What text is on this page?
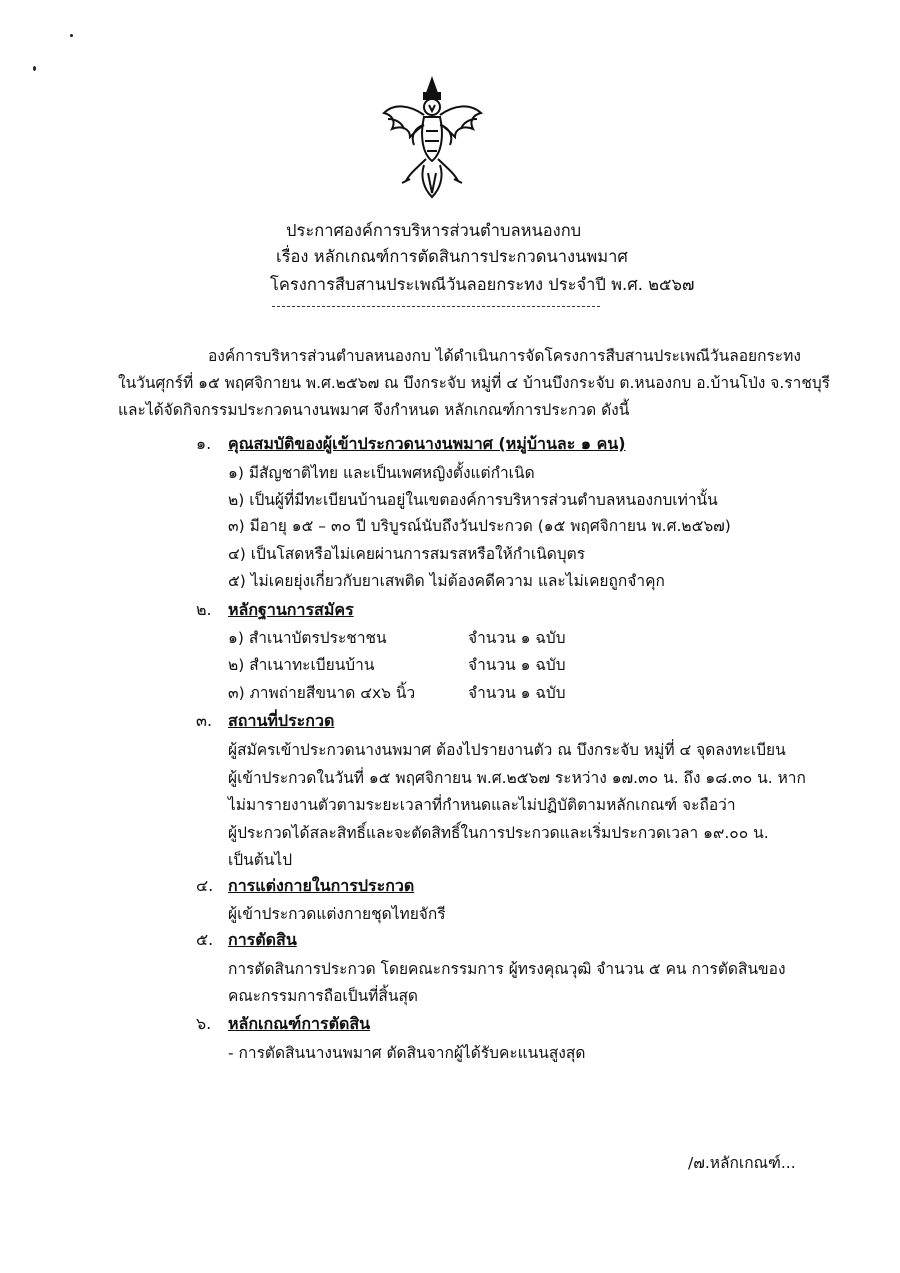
ประกาศองค์การบริหารส่วนตำบลหนองกบ
เรื่อง หลักเกณฑ์การตัดสินการประกวดนางนพมาศ
โครงการสืบสานประเพณีวันลอยกระทง ประจำปี พ.ศ. ๒๕๖๗
องค์การบริหารส่วนตำบลหนองกบ ได้ดำเนินการจัดโครงการสืบสานประเพณีวันลอยกระทง
ในวันศุกร์ที่ ๑๕ พฤศจิกายน พ.ศ.๒๕๖๗ ณ บึงกระจับ หมู่ที่ ๔ บ้านบึงกระจับ ต.หนองกบ อ.บ้านโป่ง จ.ราชบุรี
และได้จัดกิจกรรมประกวดนางนพมาศ จึงกำหนด หลักเกณฑ์การประกวด ดังนี้
๑. คุณสมบัติของผู้เข้าประกวดนางนพมาศ (หมู่บ้านละ ๑ คน)
๑) มีสัญชาติไทย และเป็นเพศหญิงตั้งแต่กำเนิด
๒) เป็นผู้ที่มีทะเบียนบ้านอยู่ในเขตองค์การบริหารส่วนตำบลหนองกบเท่านั้น
๓) มีอายุ ๑๕ – ๓๐ ปี บริบูรณ์นับถึงวันประกวด (๑๕ พฤศจิกายน พ.ศ.๒๕๖๗)
๔) เป็นโสดหรือไม่เคยผ่านการสมรสหรือให้กำเนิดบุตร
๕) ไม่เคยยุ่งเกี่ยวกับยาเสพติด ไม่ต้องคดีความ และไม่เคยถูกจำคุก
๒. หลักฐานการสมัคร
๑) สำเนาบัตรประชาชน	จำนวน ๑ ฉบับ
๒) สำเนาทะเบียนบ้าน	จำนวน ๑ ฉบับ
๓) ภาพถ่ายสีขนาด ๔x๖ นิ้ว	จำนวน ๑ ฉบับ
๓. สถานที่ประกวด
ผู้สมัครเข้าประกวดนางนพมาศ ต้องไปรายงานตัว ณ บึงกระจับ หมู่ที่ ๔ จุดลงทะเบียน
ผู้เข้าประกวดในวันที่ ๑๕ พฤศจิกายน พ.ศ.๒๕๖๗ ระหว่าง ๑๗.๓๐ น. ถึง ๑๘.๓๐ น. หาก
ไม่มารายงานตัวตามระยะเวลาที่กำหนดและไม่ปฏิบัติตามหลักเกณฑ์ จะถือว่า
ผู้ประกวดได้สละสิทธิ์และจะตัดสิทธิ์ในการประกวดและเริ่มประกวดเวลา ๑๙.๐๐ น.
เป็นต้นไป
๔. การแต่งกายในการประกวด
ผู้เข้าประกวดแต่งกายชุดไทยจักรี
๕. การตัดสิน
การตัดสินการประกวด โดยคณะกรรมการ ผู้ทรงคุณวุฒิ จำนวน ๕ คน การตัดสินของ
คณะกรรมการถือเป็นที่สิ้นสุด
๖. หลักเกณฑ์การตัดสิน
- การตัดสินนางนพมาศ ตัดสินจากผู้ได้รับคะแนนสูงสุด
/๗.หลักเกณฑ์...
